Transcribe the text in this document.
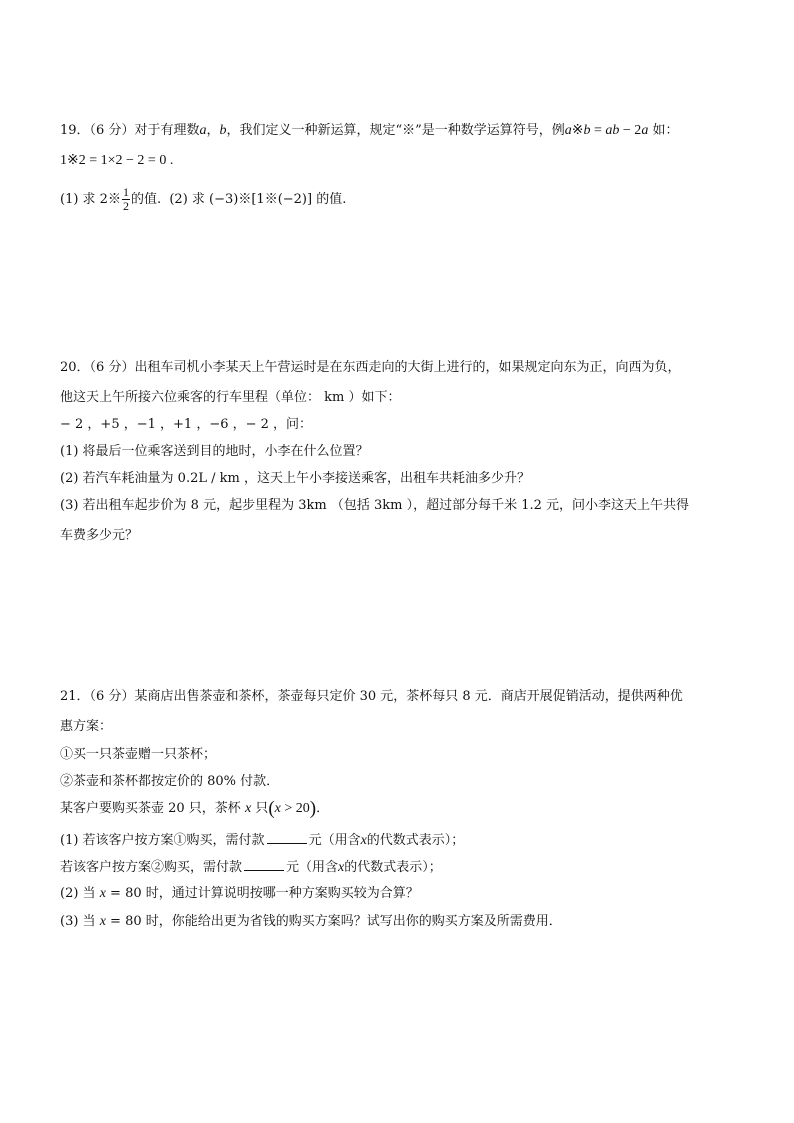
19．（6 分）对于有理数a，b，我们定义一种新运算，规定“※”是一种数学运算符号，例a※b = ab − 2a 如：
1※2 = 1×2 − 2 = 0 .
(1) 求 2※ $\frac{1}{2}$ 的值. (2) 求 (−3)※[1※(−2)] 的值.
20．（6 分）出租车司机小李某天上午营运时是在东西走向的大街上进行的，如果规定向东为正，向西为负，
他这天上午所接六位乘客的行车里程（单位： km ）如下：
− 2 ，+5 ，−1 ，+1 ，−6 ，− 2 ，问：
(1) 将最后一位乘客送到目的地时，小李在什么位置？
(2) 若汽车耗油量为 0.2L / km ，这天上午小李接送乘客，出租车共耗油多少升？
(3) 若出租车起步价为 8 元，起步里程为 3km （包括 3km ），超过部分每千米 1.2 元，问小李这天上午共得
车费多少元？
21．（6 分）某商店出售茶壶和茶杯，茶壶每只定价 30 元，茶杯每只 8 元．商店开展促销活动，提供两种优
惠方案：
①买一只茶壶赠一只茶杯；
②茶壶和茶杯都按定价的 80% 付款．
某客户要购买茶壶 20 只，茶杯 x 只(x > 20)．
(1) 若该客户按方案①购买，需付款	元（用含x的代数式表示）；
若该客户按方案②购买，需付款	元（用含x的代数式表示）；
(2) 当 x = 80 时，通过计算说明按哪一种方案购买较为合算？
(3) 当 x = 80 时，你能给出更为省钱的购买方案吗？试写出你的购买方案及所需费用．
